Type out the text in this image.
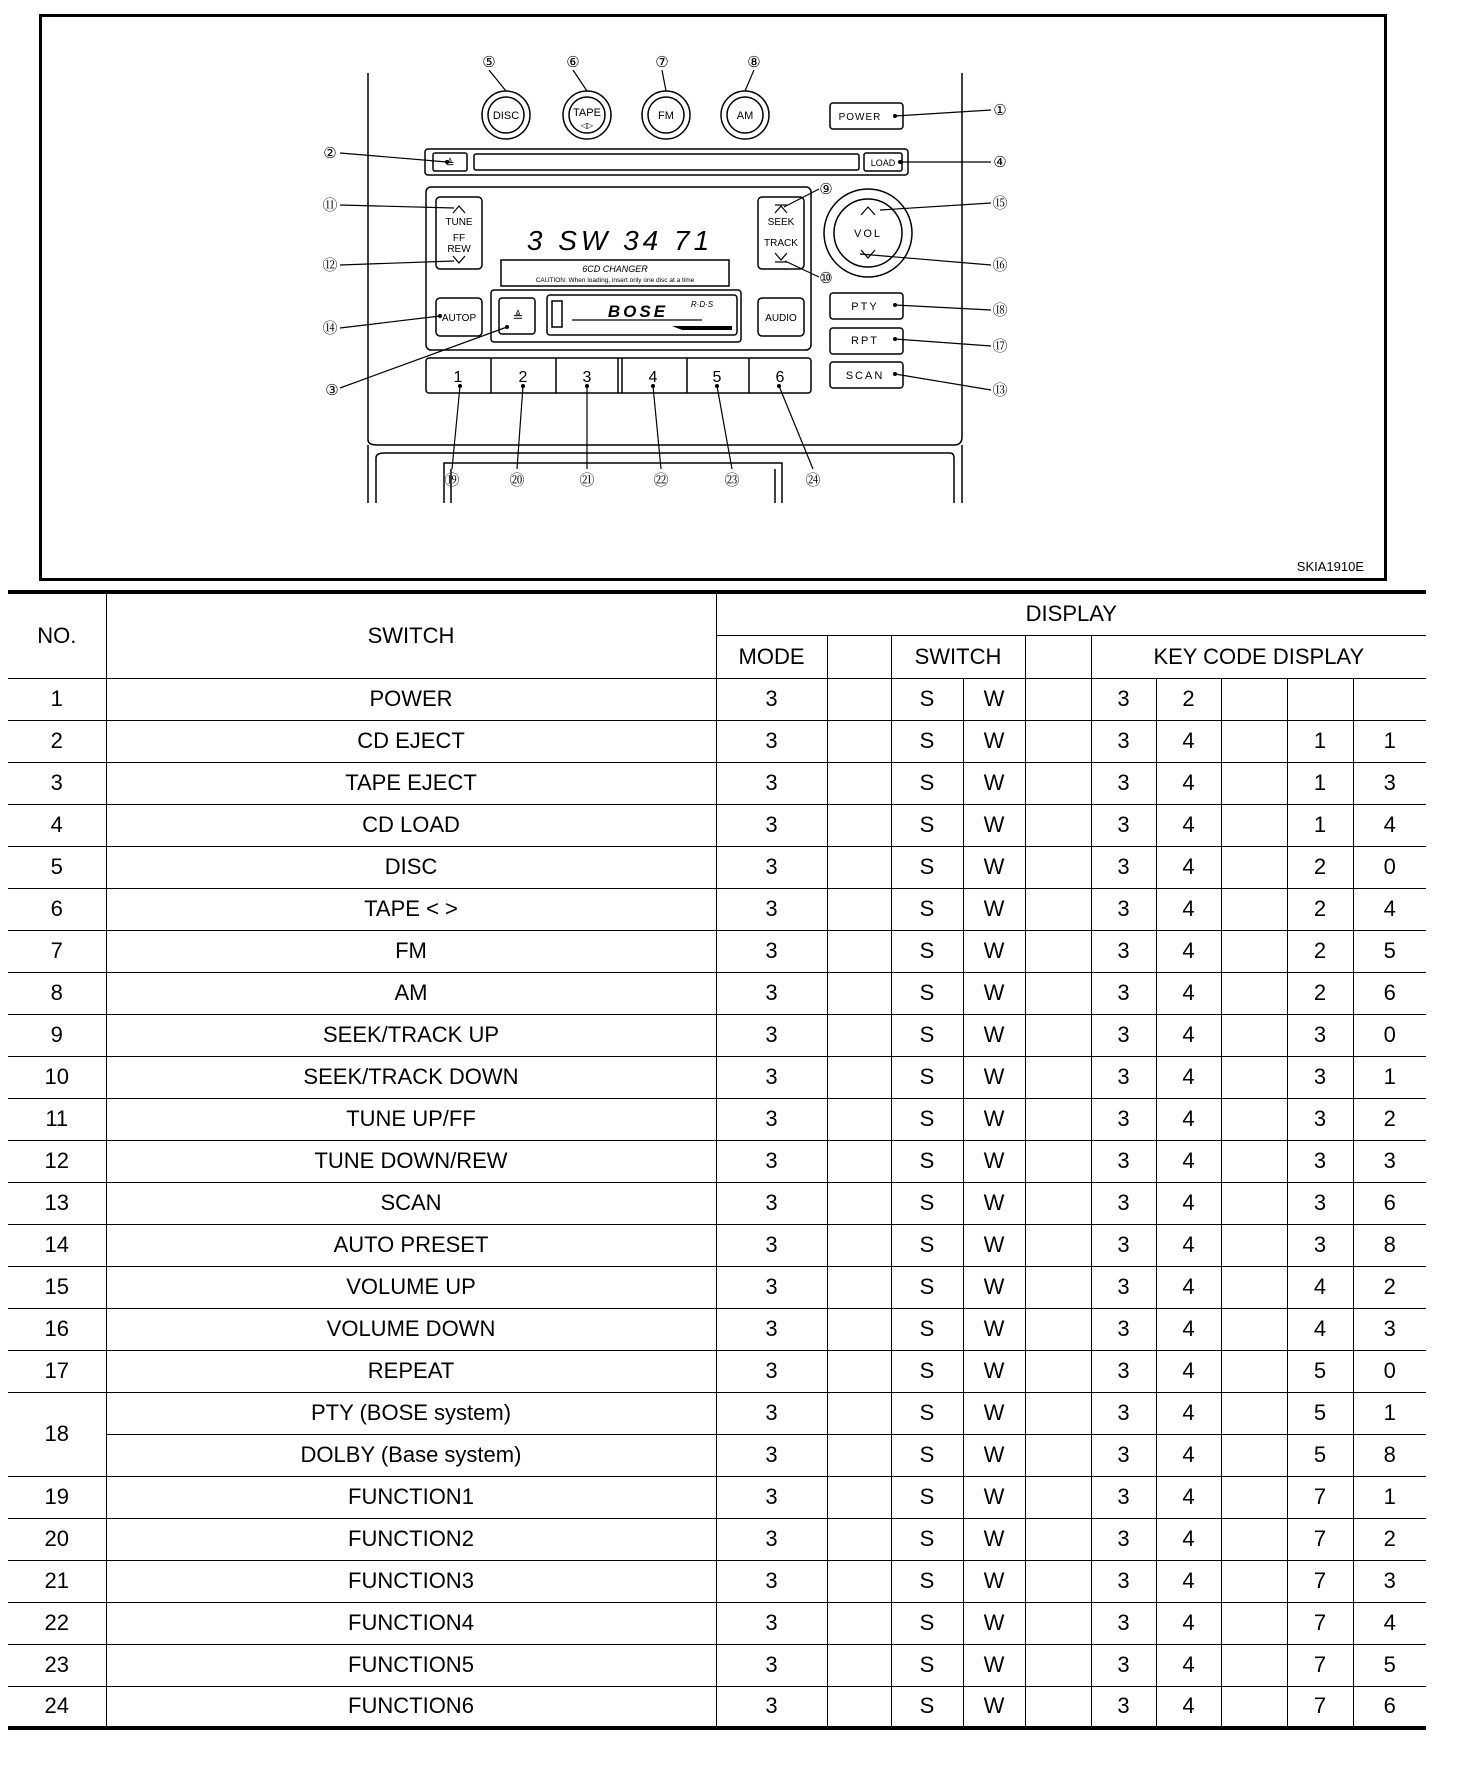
DISC	TAPE
◁▷
FM	AM	POWER
≜	LOAD
TUNE
FF
REW
SEEK
TRACK
VOL
AUTOP	AUDIO
≜
PTY
RPT
SCAN
1	2	3	4	5	6
3 SW 34 71
6CD CHANGER
CAUTION: When loading, insert only one disc at a time
BOSE	R·D·S
⑤	⑥	⑦	⑧
①
②
④
⑨
⑪	⑮
⑫	⑯
⑩
⑱
⑭
⑰
③	⑬
⑲	⑳	㉑	㉒	㉓	㉔
SKIA1910E
NO.	SWITCH	DISPLAY									
		MODE		SWITCH			KEY CODE DISPLAY				
1	POWER	3		S	W		3	2			
2	CD EJECT	3		S	W		3	4		1	1
3	TAPE EJECT	3		S	W		3	4		1	3
4	CD LOAD	3		S	W		3	4		1	4
5	DISC	3		S	W		3	4		2	0
6	TAPE < >	3		S	W		3	4		2	4
7	FM	3		S	W		3	4		2	5
8	AM	3		S	W		3	4		2	6
9	SEEK/TRACK UP	3		S	W		3	4		3	0
10	SEEK/TRACK DOWN	3		S	W		3	4		3	1
11	TUNE UP/FF	3		S	W		3	4		3	2
12	TUNE DOWN/REW	3		S	W		3	4		3	3
13	SCAN	3		S	W		3	4		3	6
14	AUTO PRESET	3		S	W		3	4		3	8
15	VOLUME UP	3		S	W		3	4		4	2
16	VOLUME DOWN	3		S	W		3	4		4	3
17	REPEAT	3		S	W		3	4		5	0
18	PTY (BOSE system)	3		S	W		3	4		5	1
	DOLBY (Base system)	3		S	W		3	4		5	8
19	FUNCTION1	3		S	W		3	4		7	1
20	FUNCTION2	3		S	W		3	4		7	2
21	FUNCTION3	3		S	W		3	4		7	3
22	FUNCTION4	3		S	W		3	4		7	4
23	FUNCTION5	3		S	W		3	4		7	5
24	FUNCTION6	3		S	W		3	4		7	6
